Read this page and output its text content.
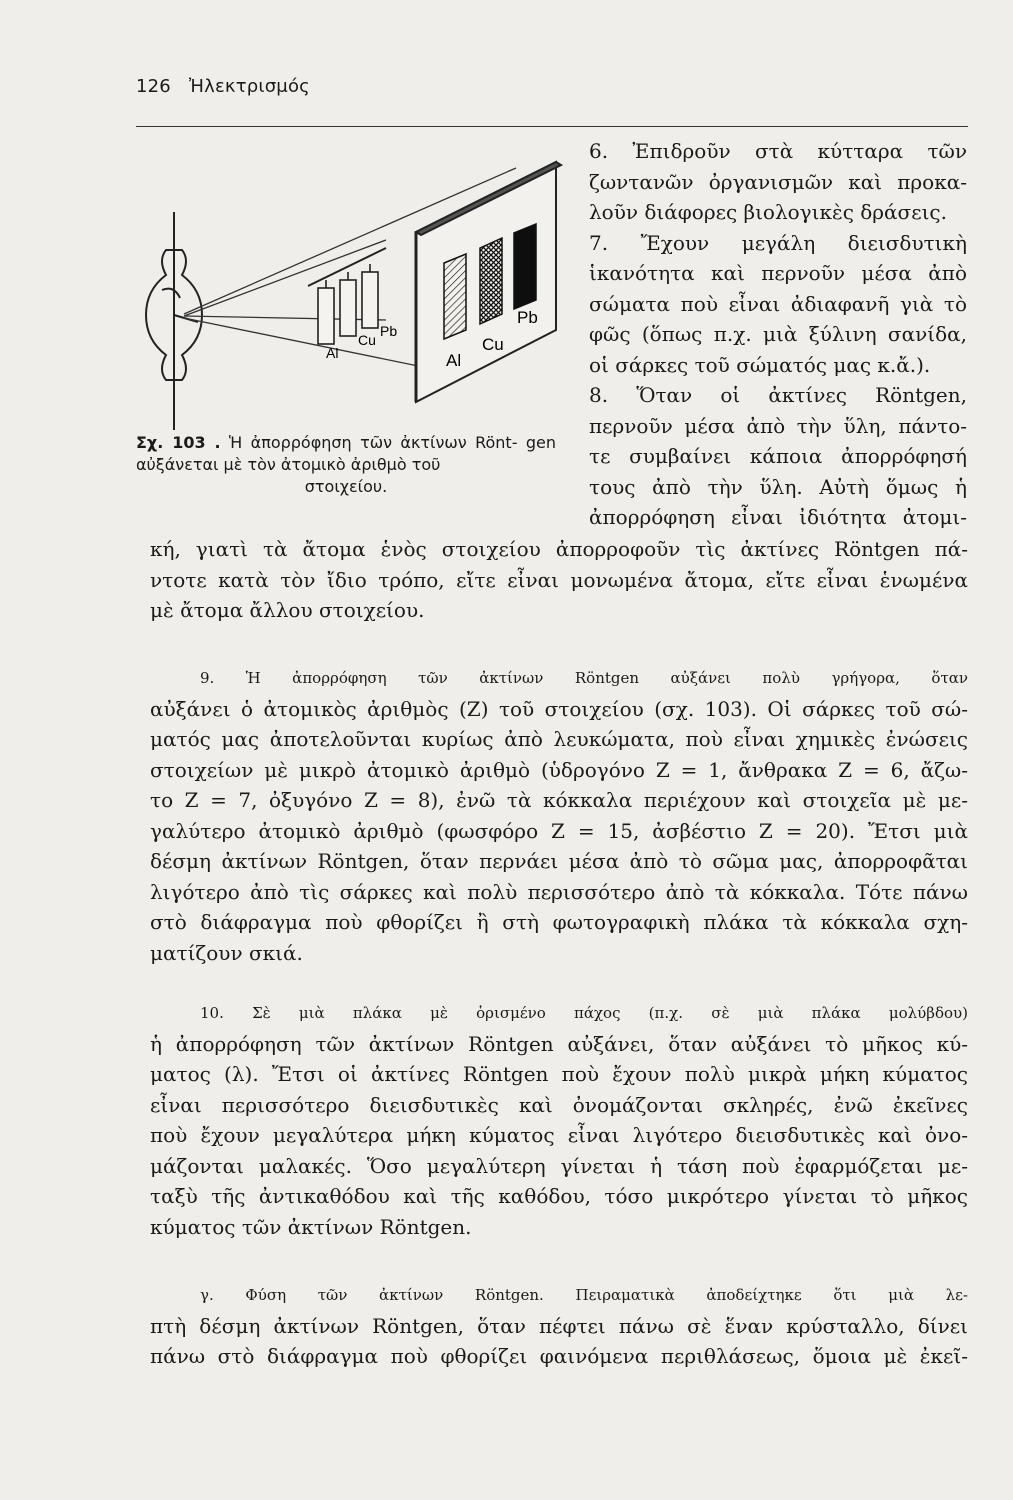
126 Ἠλεκτρισμός
Al
Cu
Pb
Al
Cu
Pb
Σχ. 103 . Ἡ ἀπορρόφηση τῶν ἀκτίνων Rönt- gen αὐξάνεται μὲ τὸν ἀτομικὸ ἀριθμὸ τοῦ
στοιχείου.

6. Ἐπιδροῦν στὰ κύτταρα τῶν

ζωντανῶν ὀργανισμῶν καὶ προκα-

λοῦν διάφορες βιολογικὲς δράσεις.

7. Ἔχουν μεγάλη διεισδυτικὴ

ἱκανότητα καὶ περνοῦν μέσα ἀπὸ

σώματα ποὺ εἶναι ἀδιαφανῆ γιὰ τὸ

φῶς (ὅπως π.χ. μιὰ ξύλινη σανίδα,

οἱ σάρκες τοῦ σώματός μας κ.ἄ.).

8. Ὅταν οἱ ἀκτίνες Röntgen,

περνοῦν μέσα ἀπὸ τὴν ὕλη, πάντο-

τε συμβαίνει κάποια ἀπορρόφησή

τους ἀπὸ τὴν ὕλη. Αὐτὴ ὅμως ἡ

ἀπορρόφηση εἶναι ἰδιότητα ἀτομι-

κή, γιατὶ τὰ ἄτομα ἑνὸς στοιχείου ἀπορροφοῦν τὶς ἀκτίνες Röntgen πά-

ντοτε κατὰ τὸν ἴδιο τρόπο, εἴτε εἶναι μονωμένα ἄτομα, εἴτε εἶναι ἑνωμένα

μὲ ἄτομα ἄλλου στοιχείου.

9. Ἡ ἀπορρόφηση τῶν ἀκτίνων Röntgen αὐξάνει πολὺ γρήγορα, ὅταν

αὐξάνει ὁ ἀτομικὸς ἀριθμὸς (Ζ) τοῦ στοιχείου (σχ. 103). Οἱ σάρκες τοῦ σώ-

ματός μας ἀποτελοῦνται κυρίως ἀπὸ λευκώματα, ποὺ εἶναι χημικὲς ἐνώσεις

στοιχείων μὲ μικρὸ ἀτομικὸ ἀριθμὸ (ὑδρογόνο Ζ = 1, ἄνθρακα Ζ = 6, ἄζω-

το Ζ = 7, ὀξυγόνο Ζ = 8), ἐνῶ τὰ κόκκαλα περιέχουν καὶ στοιχεῖα μὲ με-

γαλύτερο ἀτομικὸ ἀριθμὸ (φωσφόρο Ζ = 15, ἀσβέστιο Ζ = 20). Ἔτσι μιὰ

δέσμη ἀκτίνων Röntgen, ὅταν περνάει μέσα ἀπὸ τὸ σῶμα μας, ἀπορροφᾶται

λιγότερο ἀπὸ τὶς σάρκες καὶ πολὺ περισσότερο ἀπὸ τὰ κόκκαλα. Τότε πάνω

στὸ διάφραγμα ποὺ φθορίζει ἢ στὴ φωτογραφικὴ πλάκα τὰ κόκκαλα σχη-

ματίζουν σκιά.

10. Σὲ μιὰ πλάκα μὲ ὁρισμένο πάχος (π.χ. σὲ μιὰ πλάκα μολύβδου)

ἡ ἀπορρόφηση τῶν ἀκτίνων Röntgen αὐξάνει, ὅταν αὐξάνει τὸ μῆκος κύ-

ματος (λ). Ἔτσι οἱ ἀκτίνες Röntgen ποὺ ἔχουν πολὺ μικρὰ μήκη κύματος

εἶναι περισσότερο διεισδυτικὲς καὶ ὀνομάζονται σκληρές, ἐνῶ ἐκεῖνες

ποὺ ἔχουν μεγαλύτερα μήκη κύματος εἶναι λιγότερο διεισδυτικὲς καὶ ὀνο-

μάζονται μαλακές. Ὅσο μεγαλύτερη γίνεται ἡ τάση ποὺ ἐφαρμόζεται με-

ταξὺ τῆς ἀντικαθόδου καὶ τῆς καθόδου, τόσο μικρότερο γίνεται τὸ μῆκος

κύματος τῶν ἀκτίνων Röntgen.

γ. Φύση τῶν ἀκτίνων Röntgen. Πειραματικὰ ἀποδείχτηκε ὅτι μιὰ λε-

πτὴ δέσμη ἀκτίνων Röntgen, ὅταν πέφτει πάνω σὲ ἕναν κρύσταλλο, δίνει

πάνω στὸ διάφραγμα ποὺ φθορίζει φαινόμενα περιθλάσεως, ὅμοια μὲ ἐκεῖ-
